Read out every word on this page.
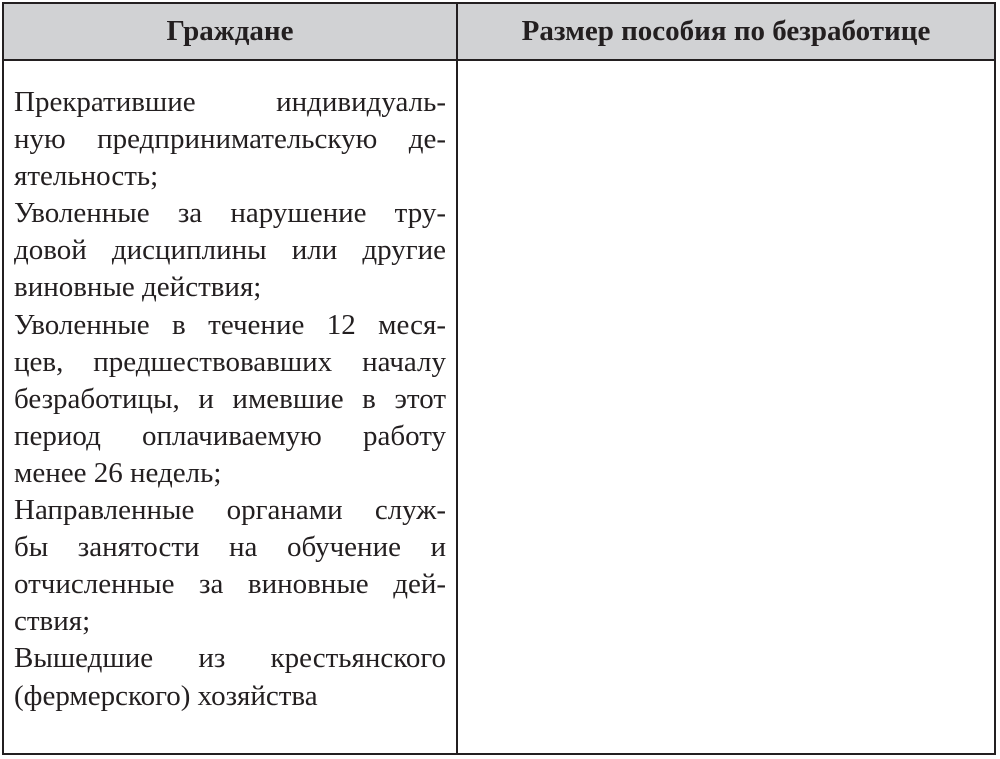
Граждане	Размер пособия по безработице
Прекратившие индивидуаль-
ную предпринимательскую де-
ятельность;
Уволенные за нарушение тру-
довой дисциплины или другие
виновные действия;
Уволенные в течение 12 меся-
цев, предшествовавших началу
безработицы, и имевшие в этот
период оплачиваемую работу
менее 26 недель;
Направленные органами служ-
бы занятости на обучение и
отчисленные за виновные дей-
ствия;
Вышедшие из крестьянского
(фермерского) хозяйства
